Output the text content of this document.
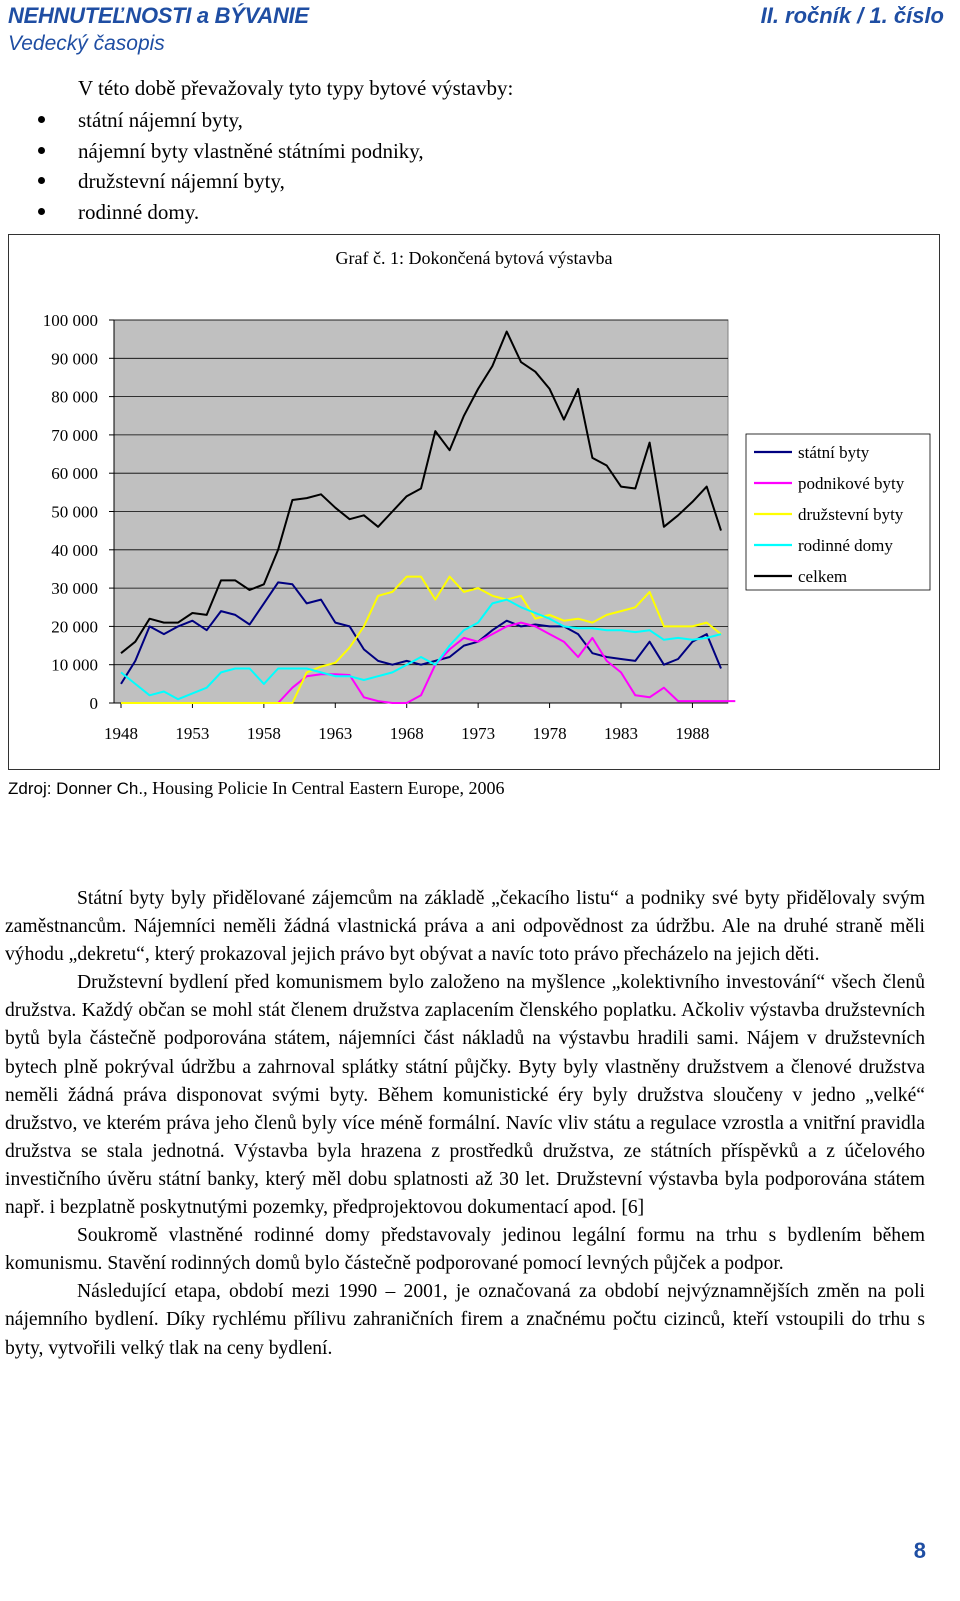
NEHNUTEĽNOSTI a BÝVANIE
Vedecký časopis
II. ročník / 1. číslo
V této době převažovaly tyto typy bytové výstavby:
státní nájemní byty,
nájemní byty vlastněné státními podniky,
družstevní nájemní byty,
rodinné domy.
Graf č. 1: Dokončená bytová výstavba
0
10 000
20 000
30 000
40 000
50 000
60 000
70 000
80 000
90 000
100 000
1948 1953 1958 1963 1968 1973 1978 1983 1988
státní byty
podnikové byty
družstevní byty
rodinné domy
celkem
Zdroj: Donner Ch., Housing Policie In Central Eastern Europe, 2006

Státní byty byly přidělované zájemcům na základě „čekacího listu“ a podniky své byty přidělovaly svým zaměstnancům. Nájemníci neměli žádná vlastnická práva a ani odpovědnost za údržbu. Ale na druhé straně měli výhodu „dekretu“, který prokazoval jejich právo byt obývat a navíc toto právo přecházelo na jejich děti.

Družstevní bydlení před komunismem bylo založeno na myšlence „kolektivního investování“ všech členů družstva. Každý občan se mohl stát členem družstva zaplacením členského poplatku. Ačkoliv výstavba družstevních bytů byla částečně podporována státem, nájemníci část nákladů na výstavbu hradili sami. Nájem v družstevních bytech plně pokrýval údržbu a zahrnoval splátky státní půjčky. Byty byly vlastněny družstvem a členové družstva neměli žádná práva disponovat svými byty. Během komunistické éry byly družstva sloučeny v jedno „velké“ družstvo, ve kterém práva jeho členů byly více méně formální. Navíc vliv státu a regulace vzrostla a vnitřní pravidla družstva se stala jednotná. Výstavba byla hrazena z prostředků družstva, ze státních příspěvků a z účelového investičního úvěru státní banky, který měl dobu splatnosti až 30 let. Družstevní výstavba byla podporována státem např. i bezplatně poskytnutými pozemky, předprojektovou dokumentací apod. [6]

Soukromě vlastněné rodinné domy představovaly jedinou legální formu na trhu s bydlením během komunismu. Stavění rodinných domů bylo částečně podporované pomocí levných půjček a podpor.

Následující etapa, období mezi 1990 – 2001, je označovaná za období nejvýznamnějších změn na poli nájemního bydlení. Díky rychlému přílivu zahraničních firem a značnému počtu cizinců, kteří vstoupili do trhu s byty, vytvořili velký tlak na ceny bydlení.

8
